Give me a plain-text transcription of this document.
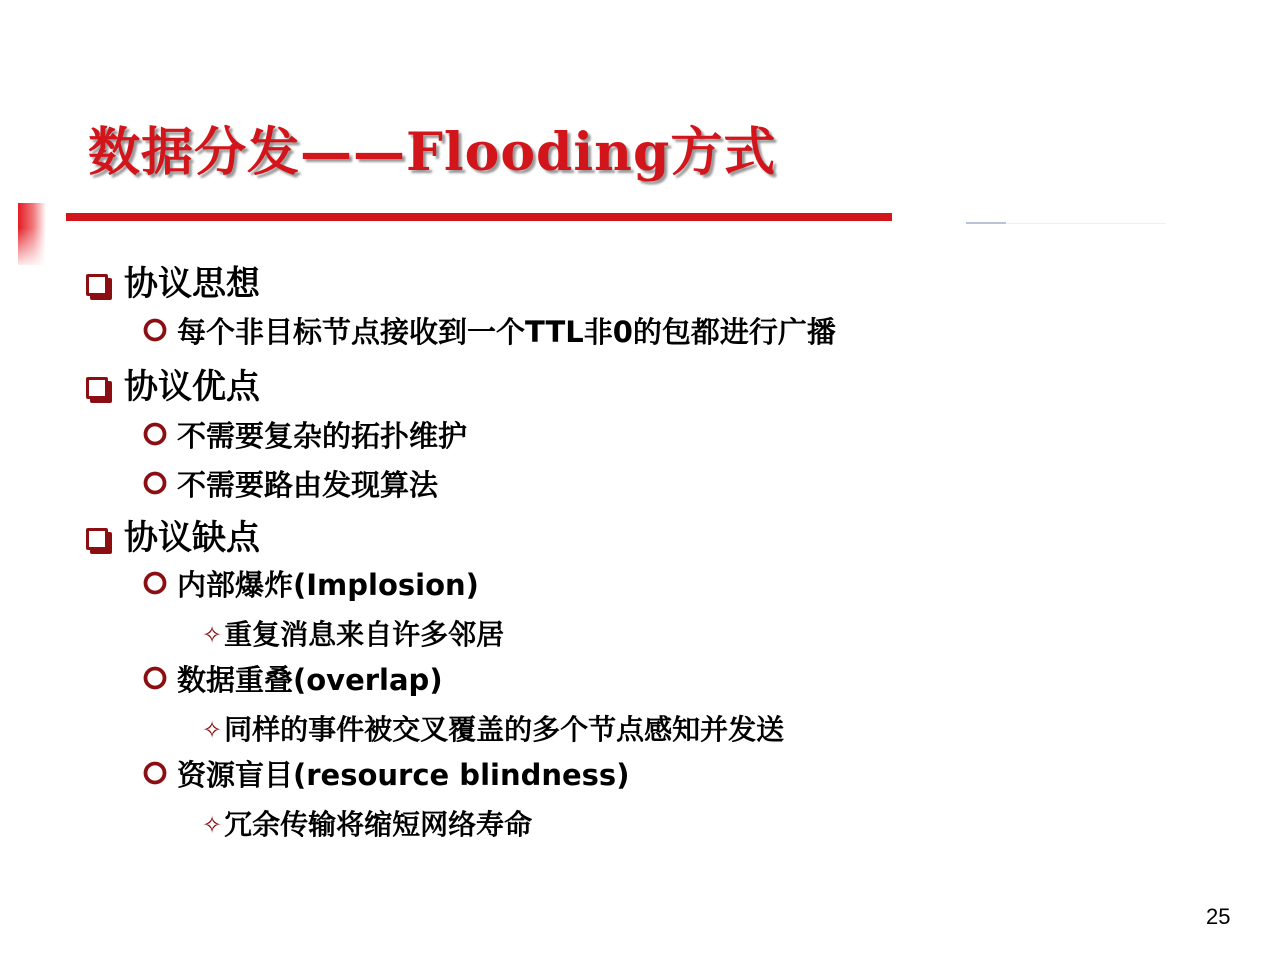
数据分发——Flooding方式
协议思想
每个非目标节点接收到一个TTL非0的包都进行广播
协议优点
不需要复杂的拓扑维护
不需要路由发现算法
协议缺点
内部爆炸(Implosion)
✧重复消息来自许多邻居
数据重叠(overlap)
✧同样的事件被交叉覆盖的多个节点感知并发送
资源盲目(resource blindness)
✧冗余传输将缩短网络寿命
25
